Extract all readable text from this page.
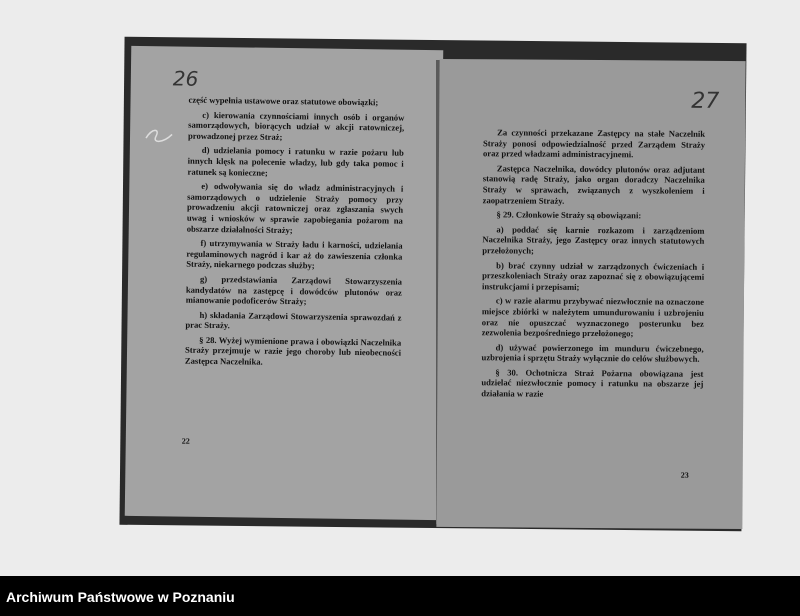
26

część wypełnia ustawowe oraz statutowe obowiązki;

c) kierowania czynnościami innych osób i organów samorządowych, biorących udział w akcji ratowniczej, prowadzonej przez Straż;

d) udzielania pomocy i ratunku w razie pożaru lub innych klęsk na polecenie władzy, lub gdy taka pomoc i ratunek są konieczne;

e) odwoływania się do władz administracyjnych i samorządowych o udzielenie Straży pomocy przy prowadzeniu akcji ratowniczej oraz zgłaszania swych uwag i wniosków w sprawie zapobiegania pożarom na obszarze działalności Straży;

f) utrzymywania w Straży ładu i karności, udzielania regulaminowych nagród i kar aż do zawieszenia członka Straży, niekarnego podczas służby;

g) przedstawiania Zarządowi Stowarzyszenia kandydatów na zastępcę i dowódców plutonów oraz mianowanie podoficerów Straży;

h) składania Zarządowi Stowarzyszenia sprawozdań z prac Straży.

§ 28. Wyżej wymienione prawa i obowiązki Naczelnika Straży przejmuje w razie jego choroby lub nieobecności Zastępca Naczelnika.

22
27

Za czynności przekazane Zastępcy na stałe Naczelnik Straży ponosi odpowiedzialność przed Zarządem Straży oraz przed władzami administracyjnemi.

Zastępca Naczelnika, dowódcy plutonów oraz adjutant stanowią radę Straży, jako organ doradczy Naczelnika Straży w sprawach, związanych z wyszkoleniem i zaopatrzeniem Straży.

§ 29. Członkowie Straży są obowiązani:

a) poddać się karnie rozkazom i zarządzeniom Naczelnika Straży, jego Zastępcy oraz innych statutowych przełożonych;

b) brać czynny udział w zarządzonych ćwiczeniach i przeszkoleniach Straży oraz zapoznać się z obowiązującemi instrukcjami i przepisami;

c) w razie alarmu przybywać niezwłocznie na oznaczone miejsce zbiórki w należytem umundurowaniu i uzbrojeniu oraz nie opuszczać wyznaczonego posterunku bez zezwolenia bezpośredniego przełożonego;

d) używać powierzonego im munduru ćwiczebnego, uzbrojenia i sprzętu Straży wyłącznie do celów służbowych.

§ 30. Ochotnicza Straż Pożarna obowiązana jest udzielać niezwłocznie pomocy i ratunku na obszarze jej działania w razie

23
Archiwum Państwowe w Poznaniu
